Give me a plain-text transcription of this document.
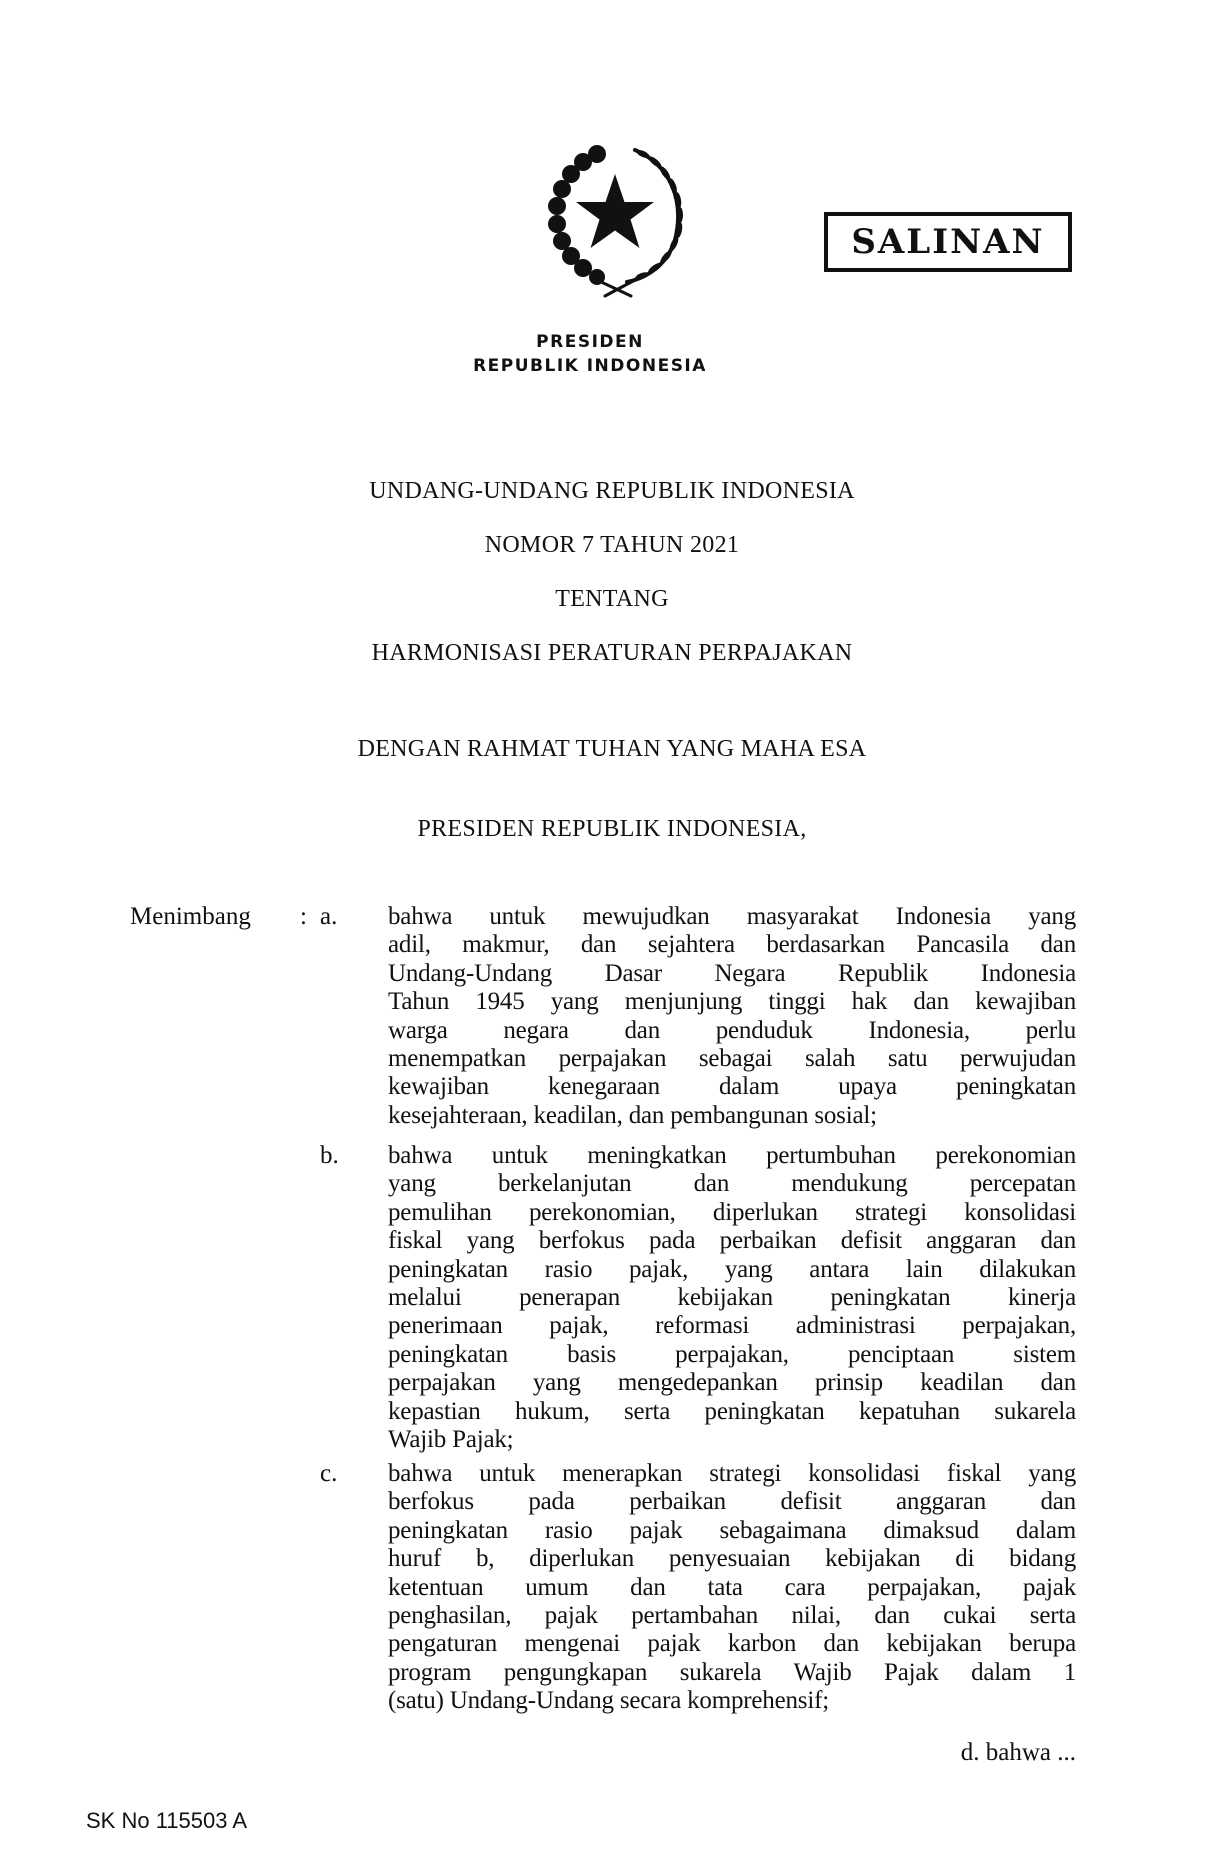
PRESIDEN
REPUBLIK INDONESIA
SALINAN
UNDANG-UNDANG REPUBLIK INDONESIA
NOMOR 7 TAHUN 2021
TENTANG
HARMONISASI PERATURAN PERPAJAKAN
DENGAN RAHMAT TUHAN YANG MAHA ESA
PRESIDEN REPUBLIK INDONESIA,
Menimbang : a. bahwa untuk mewujudkan masyarakat Indonesia yang
adil, makmur, dan sejahtera berdasarkan Pancasila dan
Undang-Undang Dasar Negara Republik Indonesia
Tahun 1945 yang menjunjung tinggi hak dan kewajiban
warga negara dan penduduk Indonesia, perlu
menempatkan perpajakan sebagai salah satu perwujudan
kewajiban kenegaraan dalam upaya peningkatan
kesejahteraan, keadilan, dan pembangunan sosial;
b. bahwa untuk meningkatkan pertumbuhan perekonomian
yang berkelanjutan dan mendukung percepatan
pemulihan perekonomian, diperlukan strategi konsolidasi
fiskal yang berfokus pada perbaikan defisit anggaran dan
peningkatan rasio pajak, yang antara lain dilakukan
melalui penerapan kebijakan peningkatan kinerja
penerimaan pajak, reformasi administrasi perpajakan,
peningkatan basis perpajakan, penciptaan sistem
perpajakan yang mengedepankan prinsip keadilan dan
kepastian hukum, serta peningkatan kepatuhan sukarela
Wajib Pajak;
c. bahwa untuk menerapkan strategi konsolidasi fiskal yang
berfokus pada perbaikan defisit anggaran dan
peningkatan rasio pajak sebagaimana dimaksud dalam
huruf b, diperlukan penyesuaian kebijakan di bidang
ketentuan umum dan tata cara perpajakan, pajak
penghasilan, pajak pertambahan nilai, dan cukai serta
pengaturan mengenai pajak karbon dan kebijakan berupa
program pengungkapan sukarela Wajib Pajak dalam 1
(satu) Undang-Undang secara komprehensif;
d. bahwa ...
SK No 115503 A
